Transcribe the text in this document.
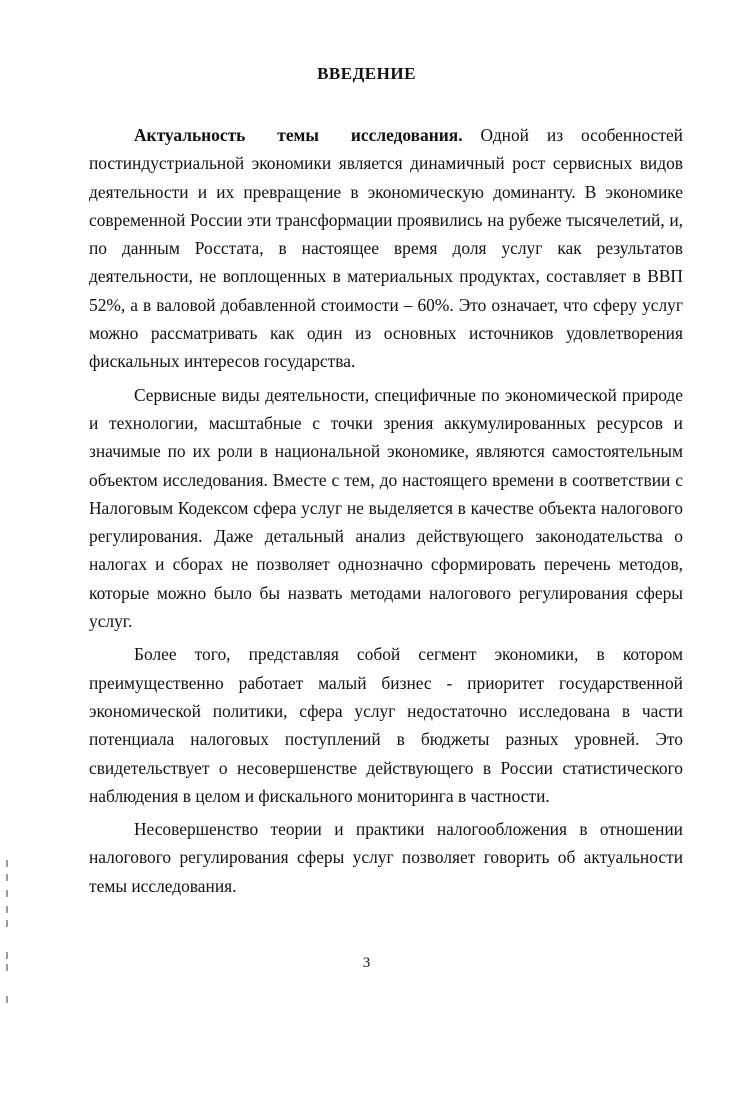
ВВЕДЕНИЕ

Актуальность темы исследования. Одной из особенностей постиндустриальной экономики является динамичный рост сервисных видов деятельности и их превращение в экономическую доминанту. В экономике современной России эти трансформации проявились на рубеже тысячелетий, и, по данным Росстата, в настоящее время доля услуг как результатов деятельности, не воплощенных в материальных продуктах, составляет в ВВП 52%, а в валовой добавленной стоимости – 60%. Это означает, что сферу услуг можно рассматривать как один из основных источников удовлетворения фискальных интересов государства.

Сервисные виды деятельности, специфичные по экономической природе и технологии, масштабные с точки зрения аккумулированных ресурсов и значимые по их роли в национальной экономике, являются самостоятельным объектом исследования. Вместе с тем, до настоящего времени в соответствии с Налоговым Кодексом сфера услуг не выделяется в качестве объекта налогового регулирования. Даже детальный анализ действующего законодательства о налогах и сборах не позволяет однозначно сформировать перечень методов, которые можно было бы назвать методами налогового регулирования сферы услуг.

Более того, представляя собой сегмент экономики, в котором преимущественно работает малый бизнес - приоритет государственной экономической политики, сфера услуг недостаточно исследована в части потенциала налоговых поступлений в бюджеты разных уровней. Это свидетельствует о несовершенстве действующего в России статистического наблюдения в целом и фискального мониторинга в частности.

Несовершенство теории и практики налогообложения в отношении налогового регулирования сферы услуг позволяет говорить об актуальности темы исследования.

3
